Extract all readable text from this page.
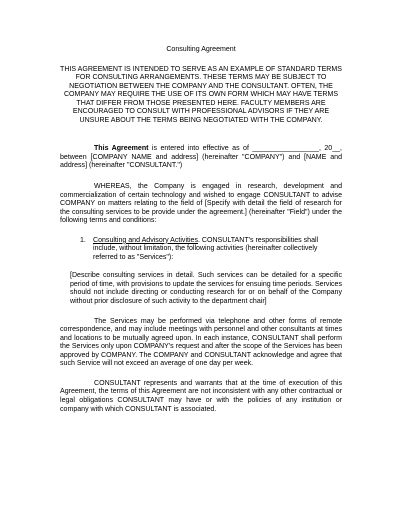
Consulting Agreement
THIS AGREEMENT IS INTENDED TO SERVE AS AN EXAMPLE OF STANDARD TERMS FOR CONSULTING ARRANGEMENTS. THESE TERMS MAY BE SUBJECT TO NEGOTIATION BETWEEN THE COMPANY AND THE CONSULTANT. OFTEN, THE COMPANY MAY REQUIRE THE USE OF ITS OWN FORM WHICH MAY HAVE TERMS THAT DIFFER FROM THOSE PRESENTED HERE. FACULTY MEMBERS ARE ENCOURAGED TO CONSULT WITH PROFESSIONAL ADVISORS IF THEY ARE UNSURE ABOUT THE TERMS BEING NEGOTIATED WITH THE COMPANY.
This Agreement is entered into effective as of _________________, 20__, between [COMPANY NAME and address] (hereinafter "COMPANY") and [NAME and address] (hereinafter "CONSULTANT.")
WHEREAS, the Company is engaged in research, development and commercialization of certain technology and wished to engage CONSULTANT to advise COMPANY on matters relating to the field of [Specify with detail the field of research for the consulting services to be provide under the agreement.] (hereinafter "Field") under the following terms and conditions:
1.	Consulting and Advisory Activities. CONSULTANT's responsibilities shall include, without limitation, the following activities (hereinafter collectively referred to as "Services"):
[Describe consulting services in detail. Such services can be detailed for a specific period of time, with provisions to update the services for ensuing time periods. Services should not include directing or conducting research for or on behalf of the Company without prior disclosure of such activity to the department chair]
The Services may be performed via telephone and other forms of remote correspondence, and may include meetings with personnel and other consultants at times and locations to be mutually agreed upon. In each instance, CONSULTANT shall perform the Services only upon COMPANY's request and after the scope of the Services has been approved by COMPANY. The COMPANY and CONSULTANT acknowledge and agree that such Service will not exceed an average of one day per week.
CONSULTANT represents and warrants that at the time of execution of this Agreement, the terms of this Agreement are not inconsistent with any other contractual or legal obligations CONSULTANT may have or with the policies of any institution or company with which CONSULTANT is associated.
